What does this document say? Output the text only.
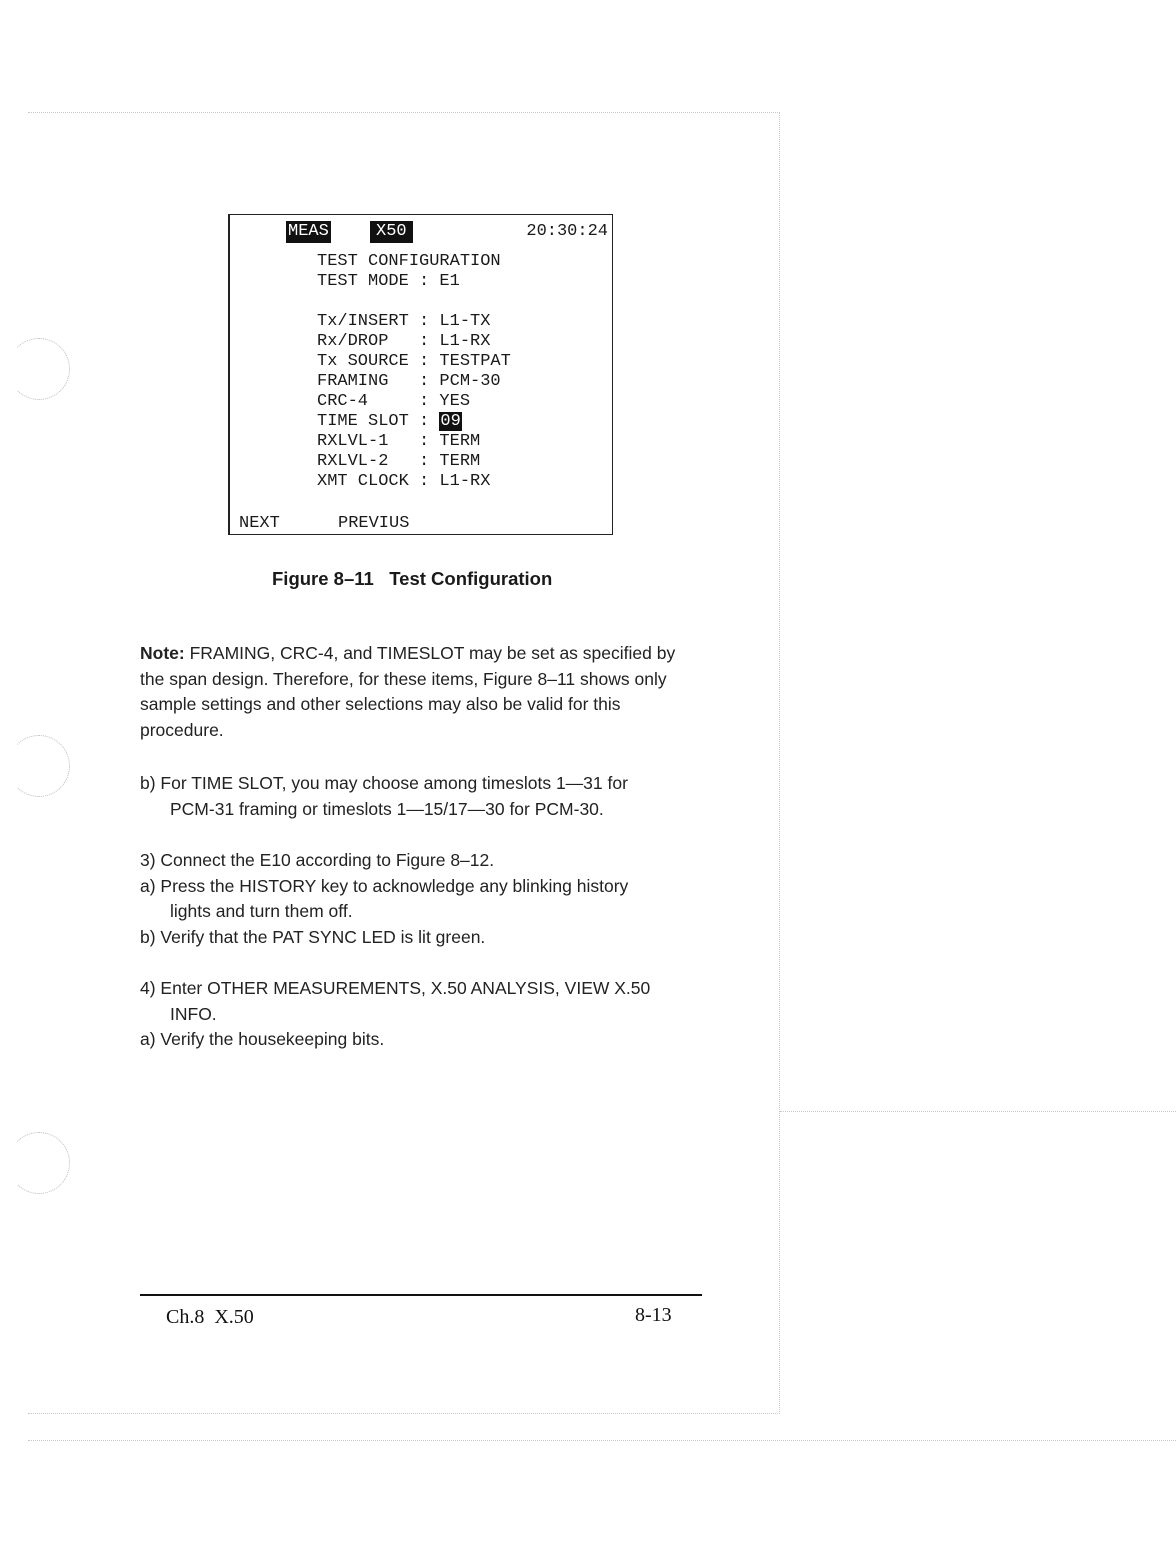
MEAS	X50	20:30:24
TEST CONFIGURATION
TEST MODE : E1
Tx/INSERT : L1-TX
Rx/DROP   : L1-RX
Tx SOURCE : TESTPAT
FRAMING   : PCM-30
CRC-4     : YES
TIME SLOT : 09
RXLVL-1   : TERM
RXLVL-2   : TERM
XMT CLOCK : L1-RX
NEXT	PREVIUS
Figure 8–11   Test Configuration
Note: FRAMING, CRC-4, and TIMESLOT may be set as specified by the span design. Therefore, for these items, Figure 8–11 shows only sample settings and other selections may also be valid for this procedure.
b) For TIME SLOT, you may choose among timeslots 1—31 for
PCM-31 framing or timeslots 1—15/17—30 for PCM-30.
3) Connect the E10 according to Figure 8–12.
a) Press the HISTORY key to acknowledge any blinking history
lights and turn them off.
b) Verify that the PAT SYNC LED is lit green.
4) Enter OTHER MEASUREMENTS, X.50 ANALYSIS, VIEW X.50
INFO.
a) Verify the housekeeping bits.
Ch.8  X.50	8-13
